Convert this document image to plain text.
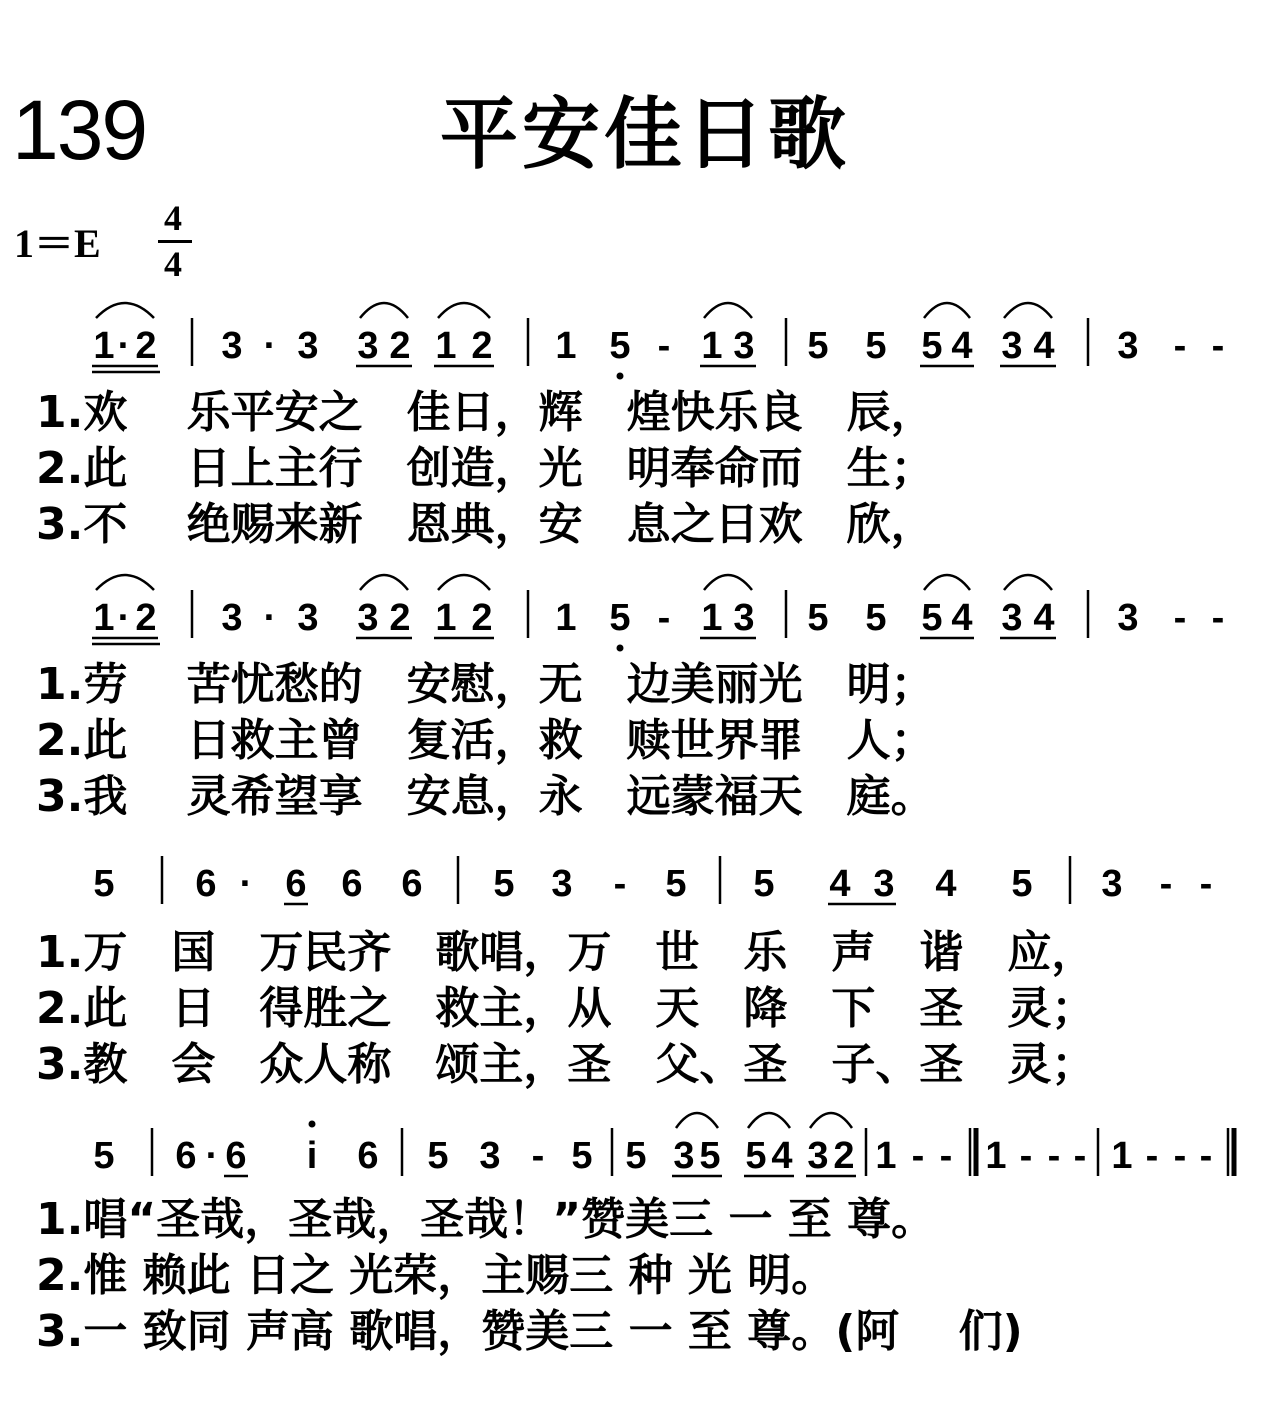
139	平安佳日歌
1＝E
4
4
1 · 2 3 · 3 3 2 1 2 1 5 - 1 3 5 5 5 4 3 4 3 - -
1 · 2 3 · 3 3 2 1 2 1 5 - 1 3 5 5 5 4 3 4 3 - -
5 6 · 6 6 6 5 3 - 5 5 4 3 4 5 3 - -
5 6 · 6 i 6 5 3 - 5 5 3 5 5 4 3 2 1 - - 1 - - - 1 - - -
1.欢　 乐平安之　佳日，辉　煌快乐良　辰，
2.此　 日上主行　创造，光　明奉命而　生；
3.不　 绝赐来新　恩典，安　息之日欢　欣，
1.劳　 苦忧愁的　安慰，无　边美丽光　明；
2.此　 日救主曾　复活，救　赎世界罪　人；
3.我　 灵希望享　安息，永　远蒙福天　庭。
1.万　国　万民齐　歌唱，万　世　乐　声　谐　应，
2.此　日　得胜之　救主，从　天　降　下　圣　灵；
3.教　会　众人称　颂主，圣　父、圣　子、圣　灵；
1.唱“圣哉，圣哉，圣哉！”赞美三 一 至 尊。
2.惟 赖此 日之 光荣，主赐三 种 光 明。
3.一 致同 声高 歌唱，赞美三 一 至 尊。(阿　 们)
